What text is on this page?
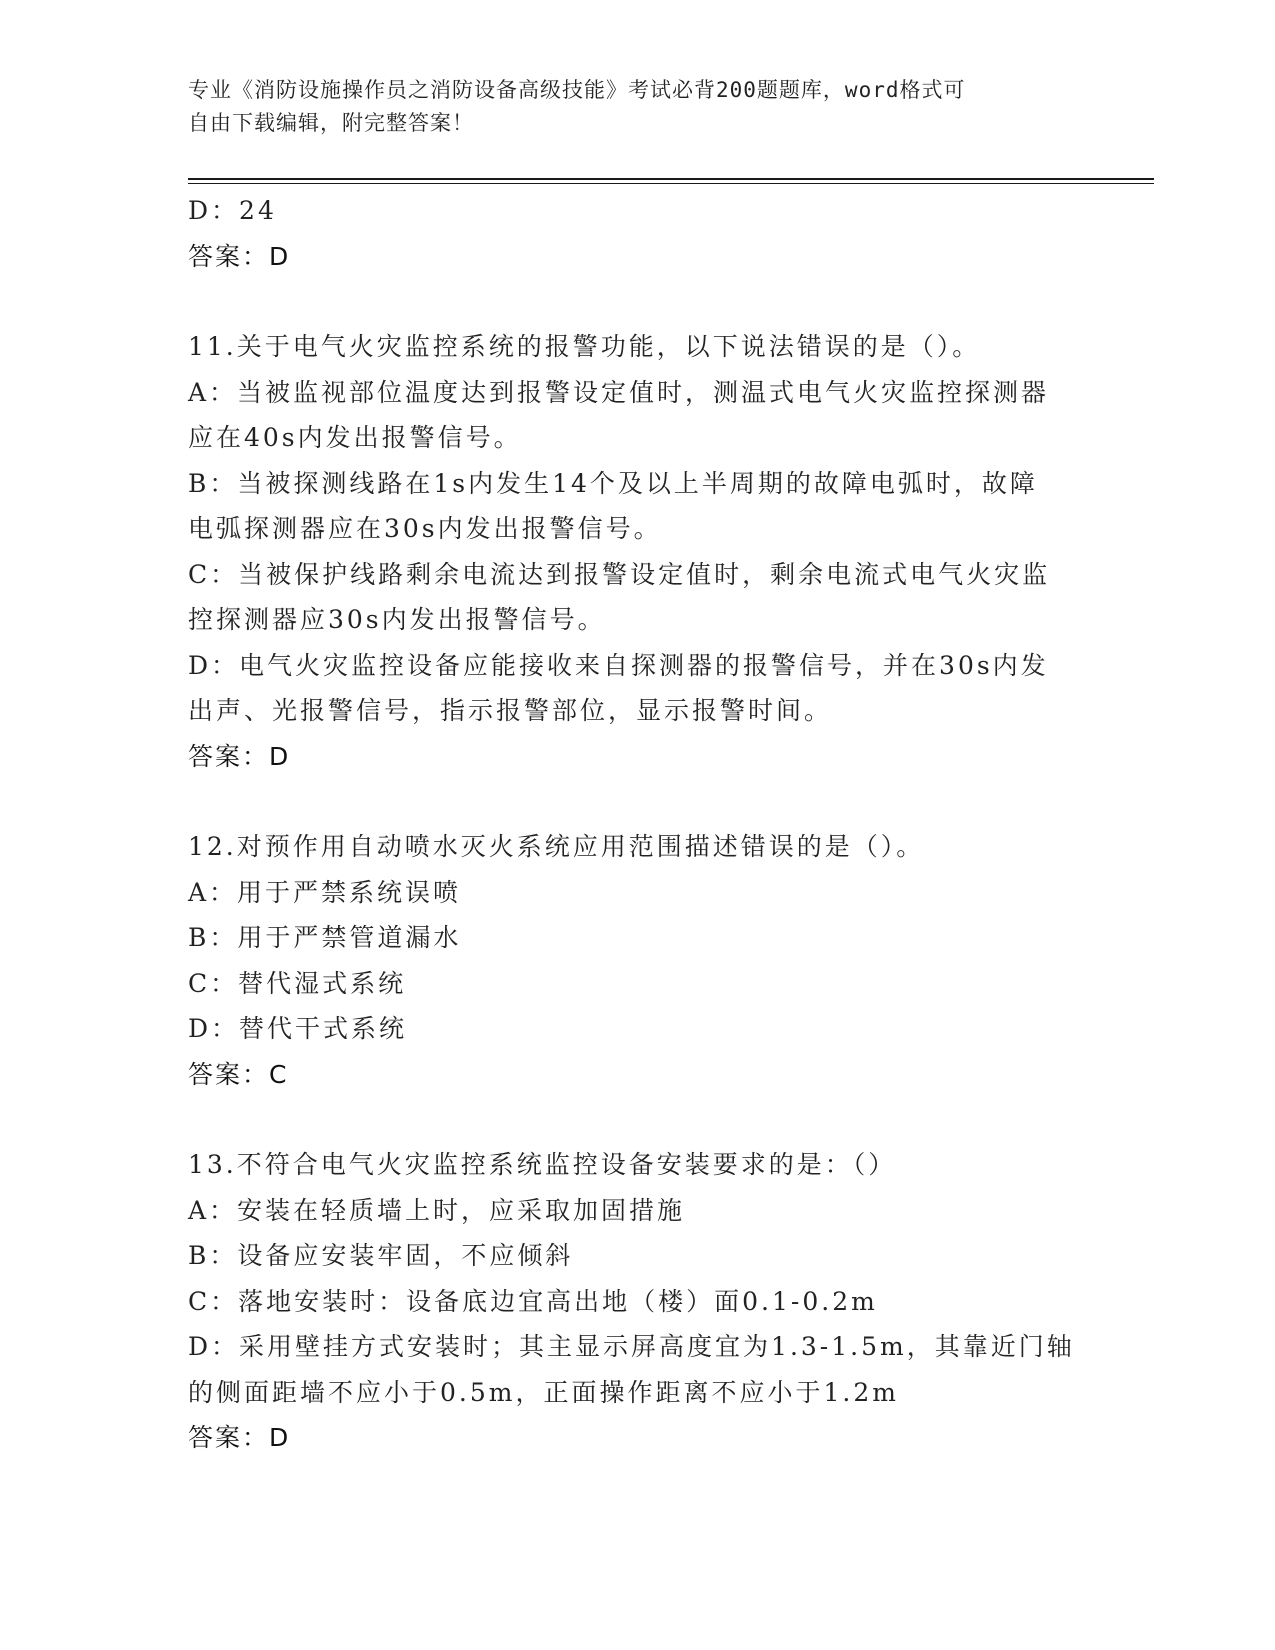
专业《消防设施操作员之消防设备高级技能》考试必背200题题库，word格式可
自由下载编辑，附完整答案！
D：24
答案：D
11.关于电气火灾监控系统的报警功能，以下说法错误的是（）。
A：当被监视部位温度达到报警设定值时，测温式电气火灾监控探测器
应在40s内发出报警信号。
B：当被探测线路在1s内发生14个及以上半周期的故障电弧时，故障
电弧探测器应在30s内发出报警信号。
C：当被保护线路剩余电流达到报警设定值时，剩余电流式电气火灾监
控探测器应30s内发出报警信号。
D：电气火灾监控设备应能接收来自探测器的报警信号，并在30s内发
出声、光报警信号，指示报警部位，显示报警时间。
答案：D
12.对预作用自动喷水灭火系统应用范围描述错误的是（）。
A：用于严禁系统误喷
B：用于严禁管道漏水
C：替代湿式系统
D：替代干式系统
答案：C
13.不符合电气火灾监控系统监控设备安装要求的是：（）
A：安装在轻质墙上时，应采取加固措施
B：设备应安装牢固，不应倾斜
C：落地安装时：设备底边宜高出地（楼）面0.1-0.2m
D：采用壁挂方式安装时；其主显示屏高度宜为1.3-1.5m，其靠近门轴
的侧面距墙不应小于0.5m，正面操作距离不应小于1.2m
答案：D
